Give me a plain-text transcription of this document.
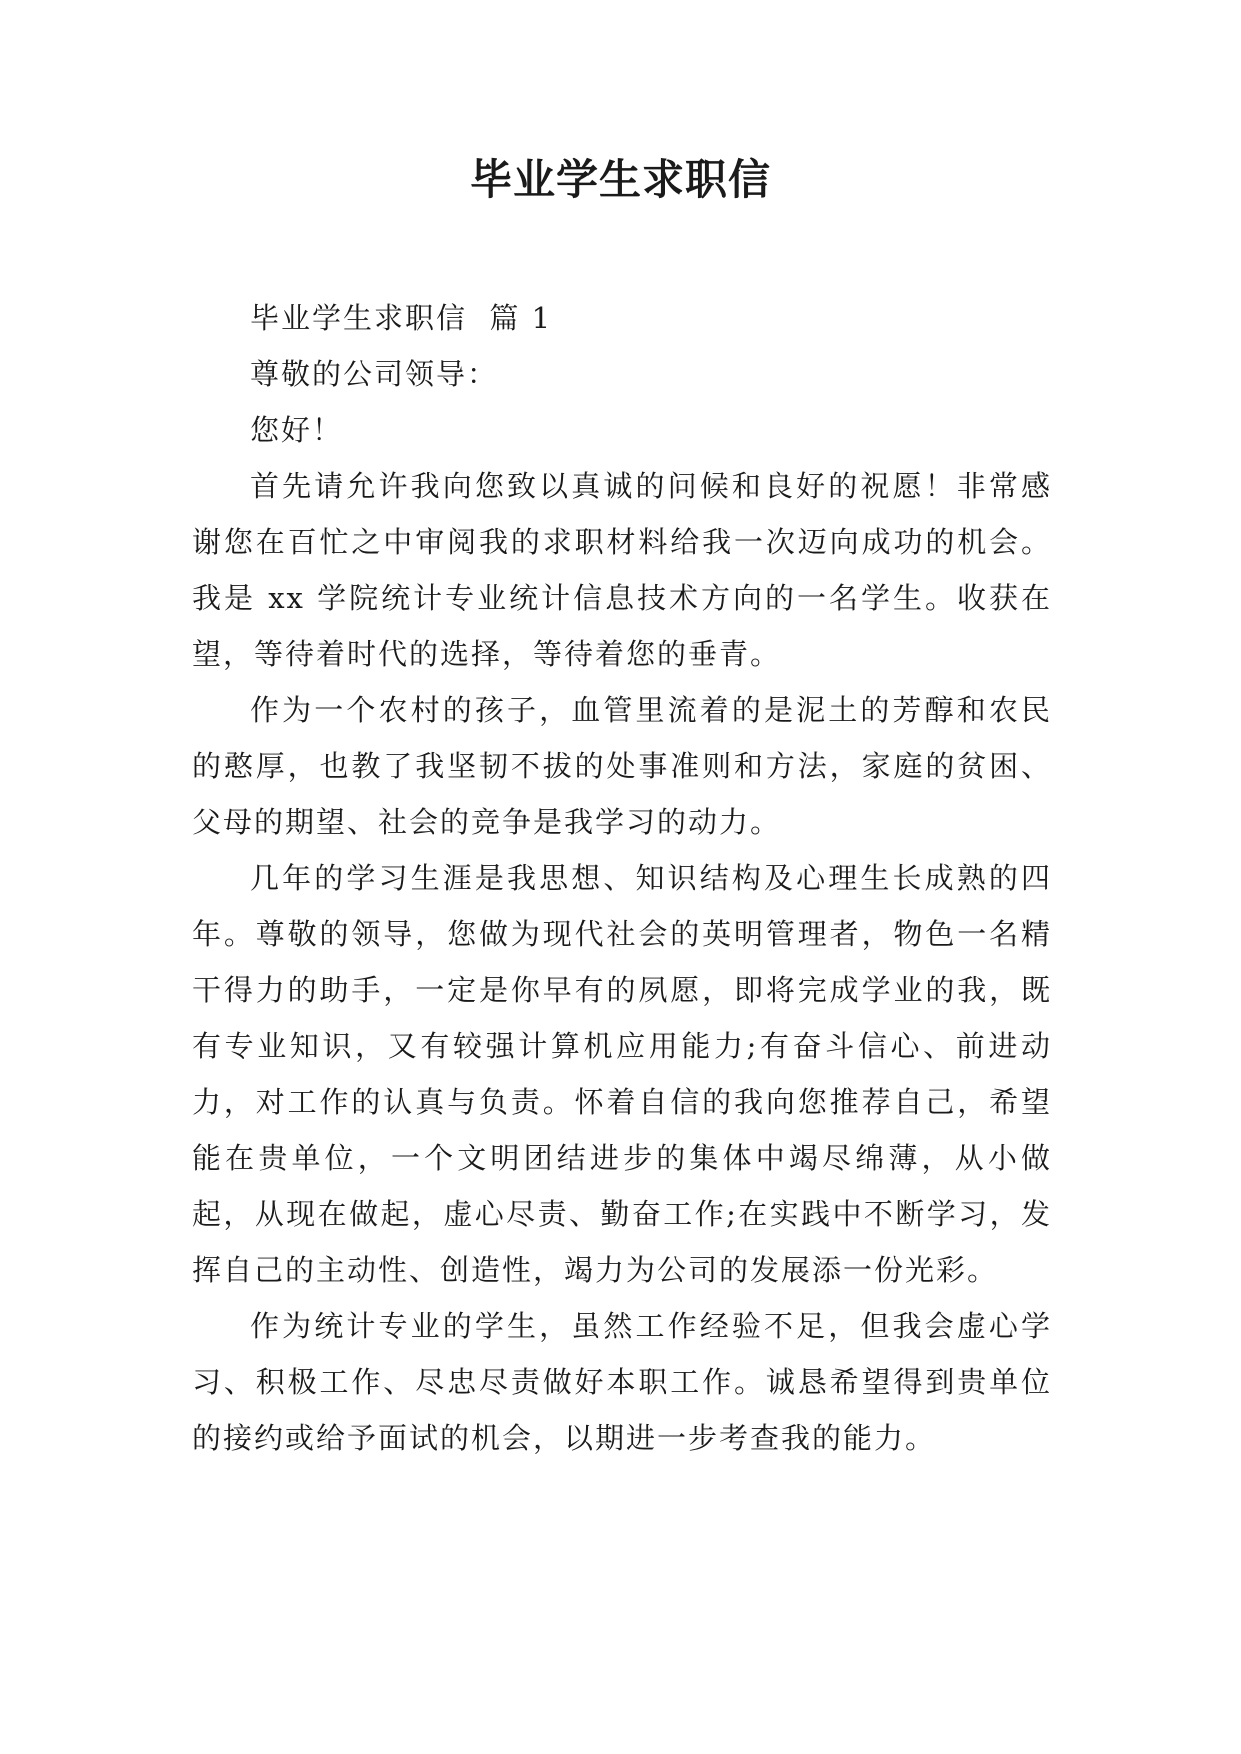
毕业学生求职信

毕业学生求职信  篇 1

尊敬的公司领导：

您好！

首先请允许我向您致以真诚的问候和良好的祝愿！非常感谢您在百忙之中审阅我的求职材料给我一次迈向成功的机会。我是 xx 学院统计专业统计信息技术方向的一名学生。收获在望，等待着时代的选择，等待着您的垂青。

作为一个农村的孩子，血管里流着的是泥土的芳醇和农民的憨厚，也教了我坚韧不拔的处事准则和方法，家庭的贫困、父母的期望、社会的竞争是我学习的动力。

几年的学习生涯是我思想、知识结构及心理生长成熟的四年。尊敬的领导，您做为现代社会的英明管理者，物色一名精干得力的助手，一定是你早有的夙愿，即将完成学业的我，既有专业知识，又有较强计算机应用能力;有奋斗信心、前进动力，对工作的认真与负责。怀着自信的我向您推荐自己，希望能在贵单位，一个文明团结进步的集体中竭尽绵薄，从小做起，从现在做起，虚心尽责、勤奋工作;在实践中不断学习，发挥自己的主动性、创造性，竭力为公司的发展添一份光彩。

作为统计专业的学生，虽然工作经验不足，但我会虚心学习、积极工作、尽忠尽责做好本职工作。诚恳希望得到贵单位的接约或给予面试的机会，以期进一步考查我的能力。
